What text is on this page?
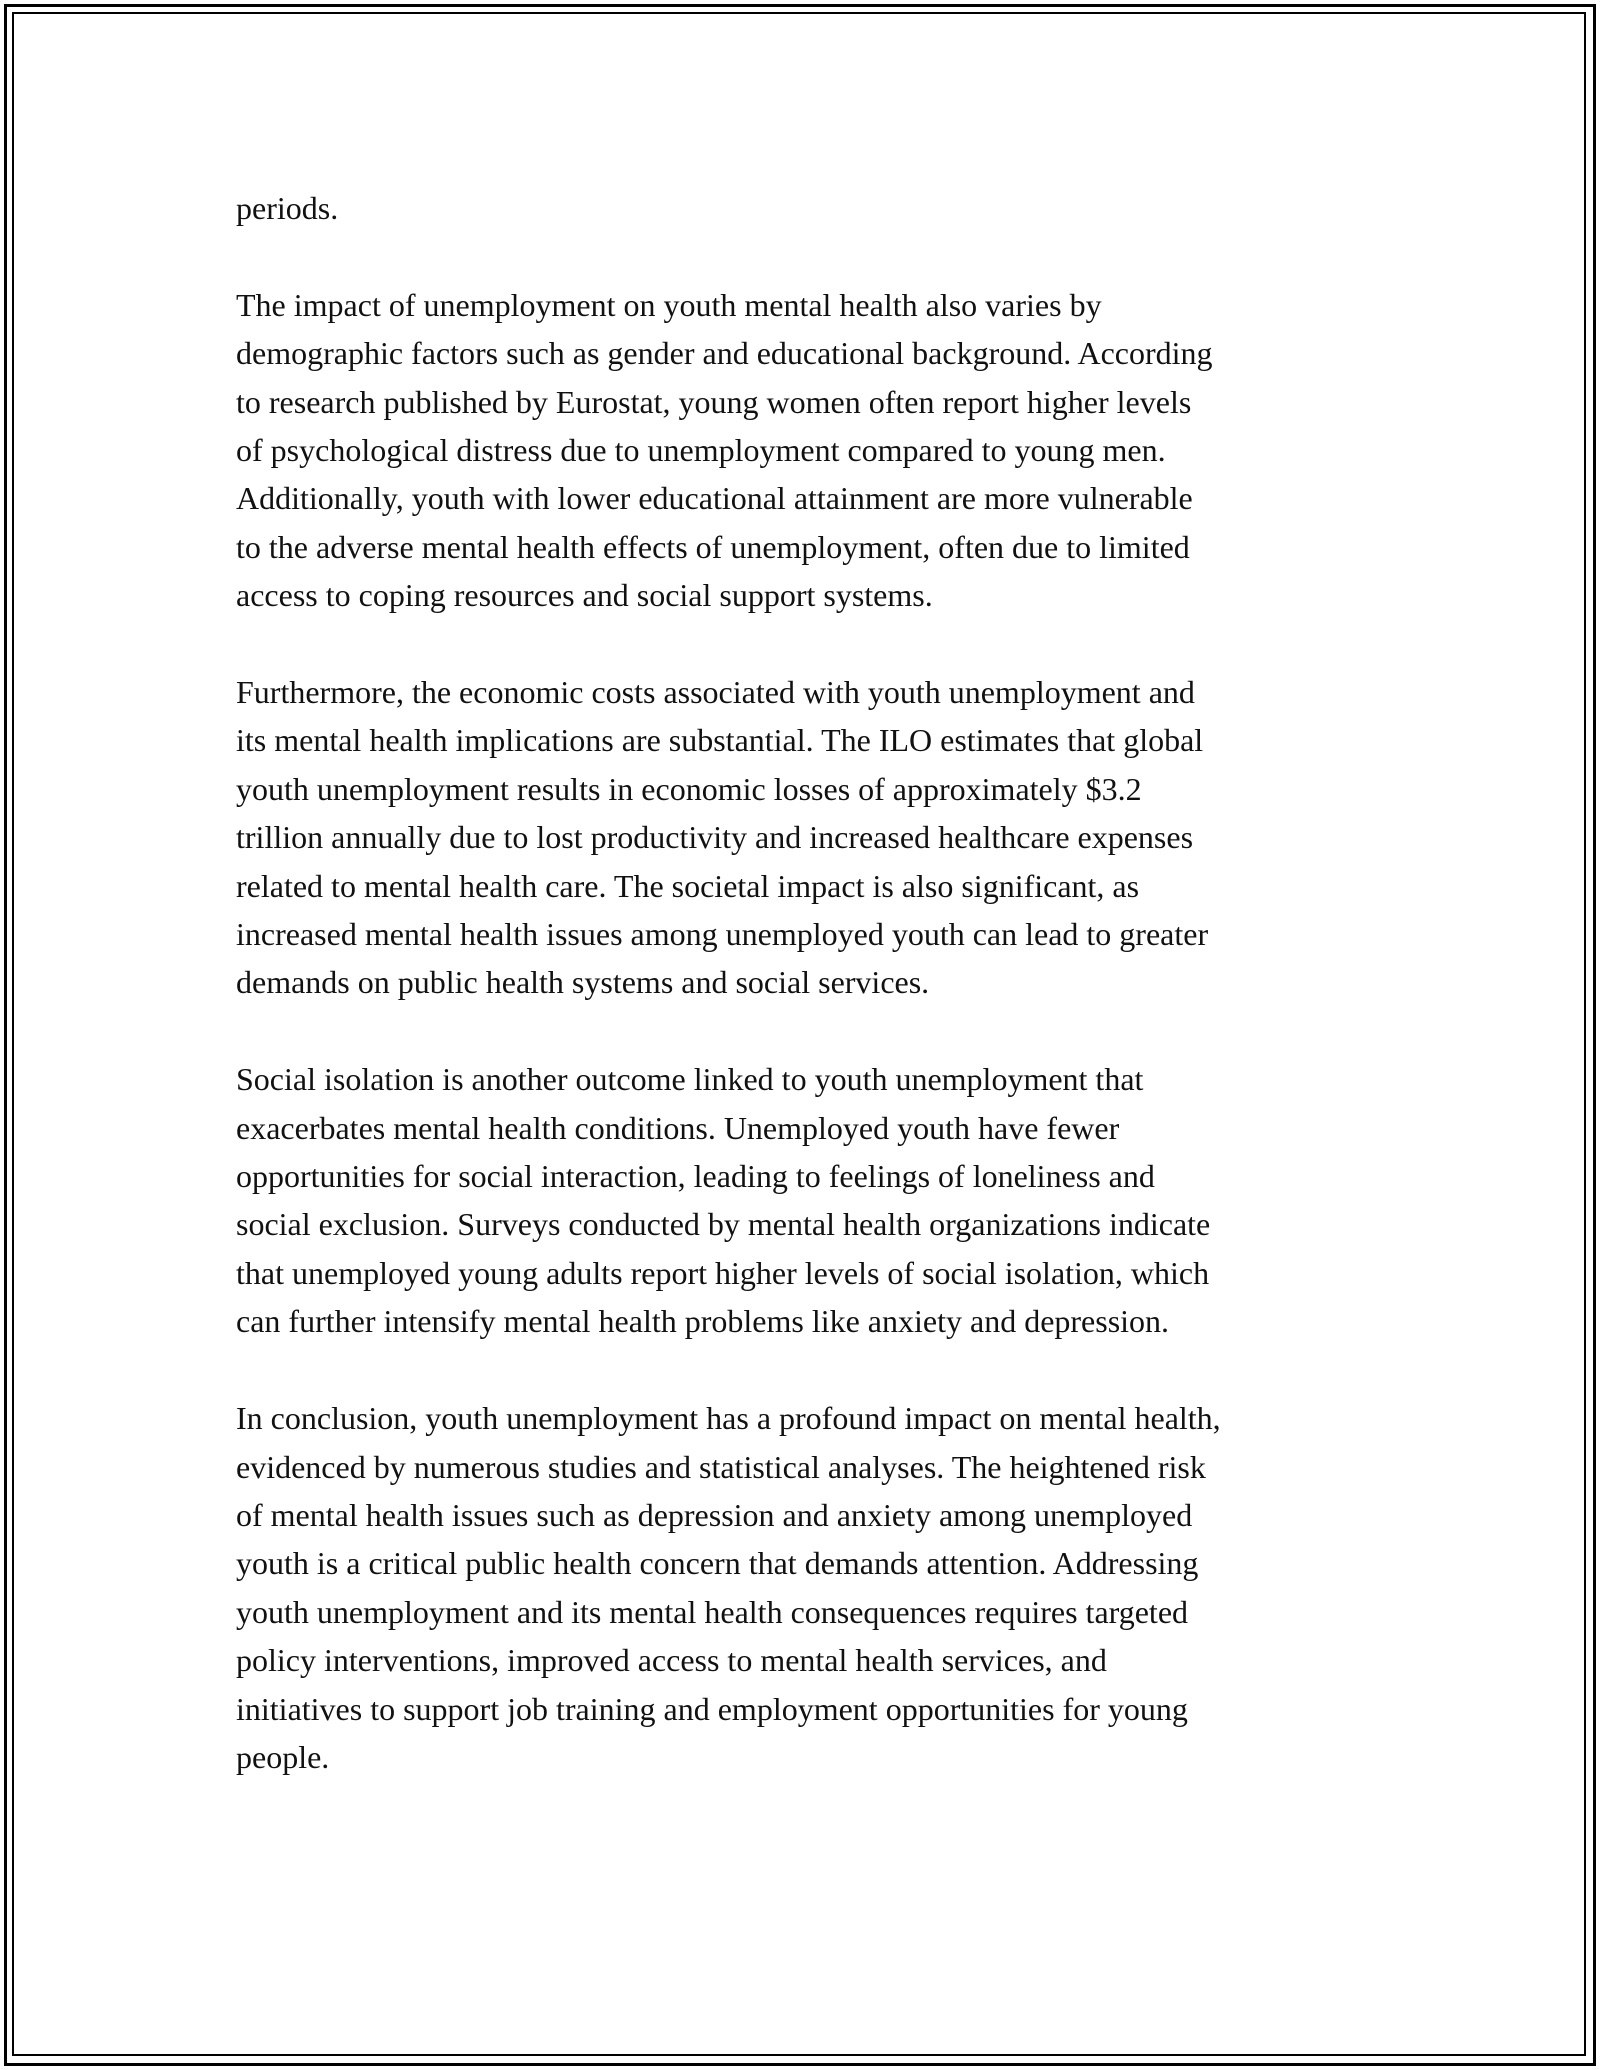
periods.

The impact of unemployment on youth mental health also varies by
demographic factors such as gender and educational background. According
to research published by Eurostat, young women often report higher levels
of psychological distress due to unemployment compared to young men.
Additionally, youth with lower educational attainment are more vulnerable
to the adverse mental health effects of unemployment, often due to limited
access to coping resources and social support systems.

Furthermore, the economic costs associated with youth unemployment and
its mental health implications are substantial. The ILO estimates that global
youth unemployment results in economic losses of approximately $3.2
trillion annually due to lost productivity and increased healthcare expenses
related to mental health care. The societal impact is also significant, as
increased mental health issues among unemployed youth can lead to greater
demands on public health systems and social services.

Social isolation is another outcome linked to youth unemployment that
exacerbates mental health conditions. Unemployed youth have fewer
opportunities for social interaction, leading to feelings of loneliness and
social exclusion. Surveys conducted by mental health organizations indicate
that unemployed young adults report higher levels of social isolation, which
can further intensify mental health problems like anxiety and depression.

In conclusion, youth unemployment has a profound impact on mental health,
evidenced by numerous studies and statistical analyses. The heightened risk
of mental health issues such as depression and anxiety among unemployed
youth is a critical public health concern that demands attention. Addressing
youth unemployment and its mental health consequences requires targeted
policy interventions, improved access to mental health services, and
initiatives to support job training and employment opportunities for young
people.
